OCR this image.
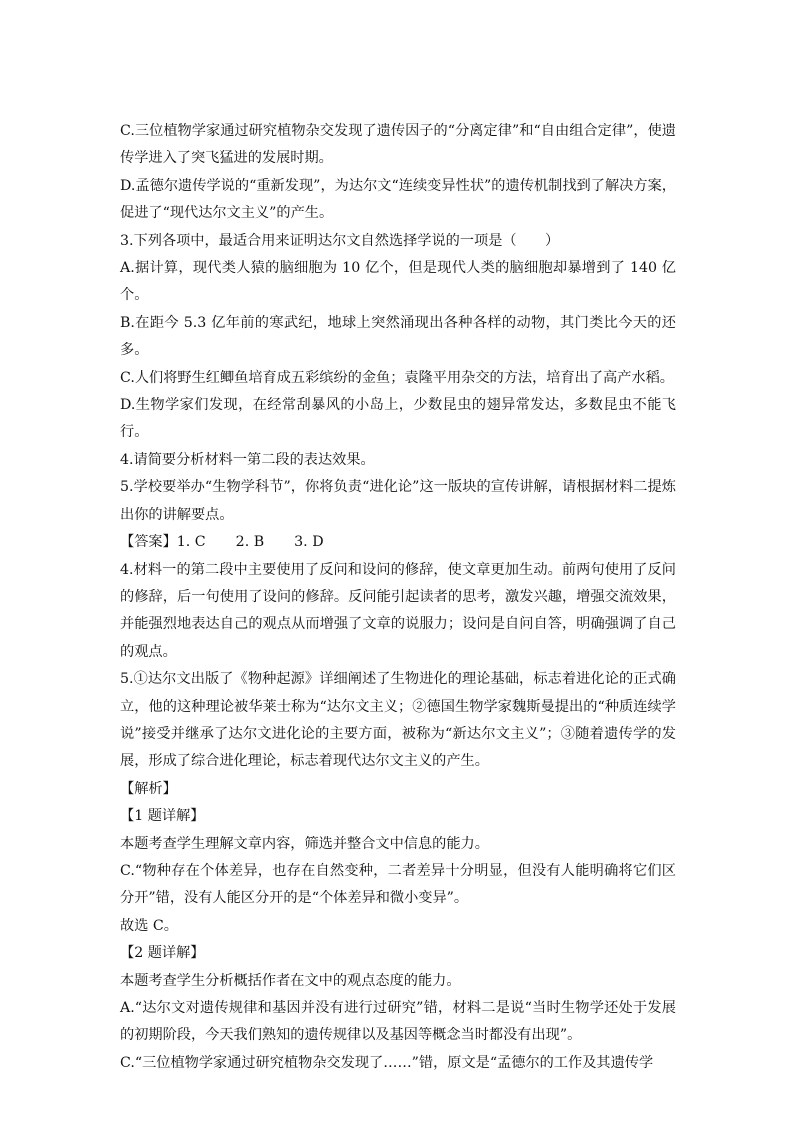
C.三位植物学家通过研究植物杂交发现了遗传因子的“分离定律”和“自由组合定律”，使遗传学进入了突飞猛进的发展时期。

D.孟德尔遗传学说的“重新发现”，为达尔文“连续变异性状”的遗传机制找到了解决方案，促进了“现代达尔文主义”的产生。

3.下列各项中，最适合用来证明达尔文自然选择学说的一项是（　　）

A.据计算，现代类人猿的脑细胞为 10 亿个，但是现代人类的脑细胞却暴增到了 140 亿个。

B.在距今 5.3 亿年前的寒武纪，地球上突然涌现出各种各样的动物，其门类比今天的还多。

C.人们将野生红鲫鱼培育成五彩缤纷的金鱼；袁隆平用杂交的方法，培育出了高产水稻。

D.生物学家们发现，在经常刮暴风的小岛上，少数昆虫的翅异常发达，多数昆虫不能飞行。

4.请简要分析材料一第二段的表达效果。

5.学校要举办“生物学科节”，你将负责“进化论”这一版块的宣传讲解，请根据材料二提炼出你的讲解要点。

【答案】1. C 2. B 3. D

4.材料一的第二段中主要使用了反问和设问的修辞，使文章更加生动。前两句使用了反问的修辞，后一句使用了设问的修辞。反问能引起读者的思考，激发兴趣，增强交流效果，并能强烈地表达自己的观点从而增强了文章的说服力；设问是自问自答，明确强调了自己的观点。

5.①达尔文出版了《物种起源》详细阐述了生物进化的理论基础，标志着进化论的正式确立，他的这种理论被华莱士称为“达尔文主义；②德国生物学家魏斯曼提出的“种质连续学说”接受并继承了达尔文进化论的主要方面，被称为“新达尔文主义”；③随着遗传学的发展，形成了综合进化理论，标志着现代达尔文主义的产生。

【解析】

【1 题详解】

本题考查学生理解文章内容，筛选并整合文中信息的能力。

C.“物种存在个体差异，也存在自然变种，二者差异十分明显，但没有人能明确将它们区分开”错，没有人能区分开的是“个体差异和微小变异”。

故选 C。

【2 题详解】

本题考查学生分析概括作者在文中的观点态度的能力。

A.“达尔文对遗传规律和基因并没有进行过研究”错，材料二是说“当时生物学还处于发展的初期阶段，今天我们熟知的遗传规律以及基因等概念当时都没有出现”。

C.“三位植物学家通过研究植物杂交发现了……”错，原文是“孟德尔的工作及其遗传学
